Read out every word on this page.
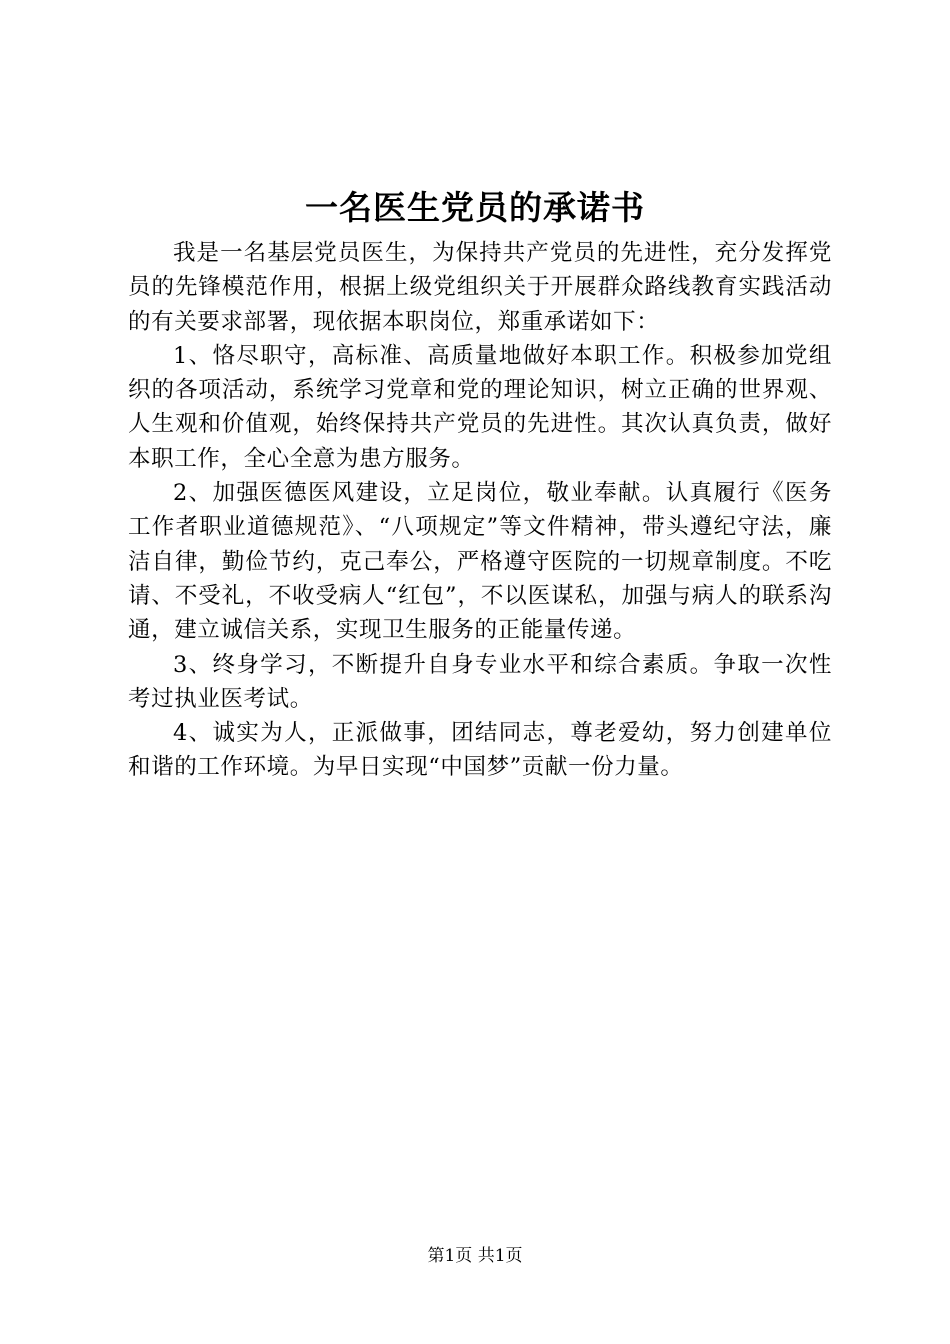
一名医生党员的承诺书

我是一名基层党员医生，为保持共产党员的先进性，充分发挥党员的先锋模范作用，根据上级党组织关于开展群众路线教育实践活动的有关要求部署，现依据本职岗位，郑重承诺如下：

1、恪尽职守，高标准、高质量地做好本职工作。积极参加党组织的各项活动，系统学习党章和党的理论知识，树立正确的世界观、人生观和价值观，始终保持共产党员的先进性。其次认真负责，做好本职工作，全心全意为患方服务。

2、加强医德医风建设，立足岗位，敬业奉献。认真履行《医务工作者职业道德规范》、“八项规定”等文件精神，带头遵纪守法，廉洁自律，勤俭节约，克己奉公，严格遵守医院的一切规章制度。不吃请、不受礼，不收受病人“红包”，不以医谋私，加强与病人的联系沟通，建立诚信关系，实现卫生服务的正能量传递。

3、终身学习，不断提升自身专业水平和综合素质。争取一次性考过执业医考试。

4、诚实为人，正派做事，团结同志，尊老爱幼，努力创建单位和谐的工作环境。为早日实现“中国梦”贡献一份力量。

第1页 共1页
